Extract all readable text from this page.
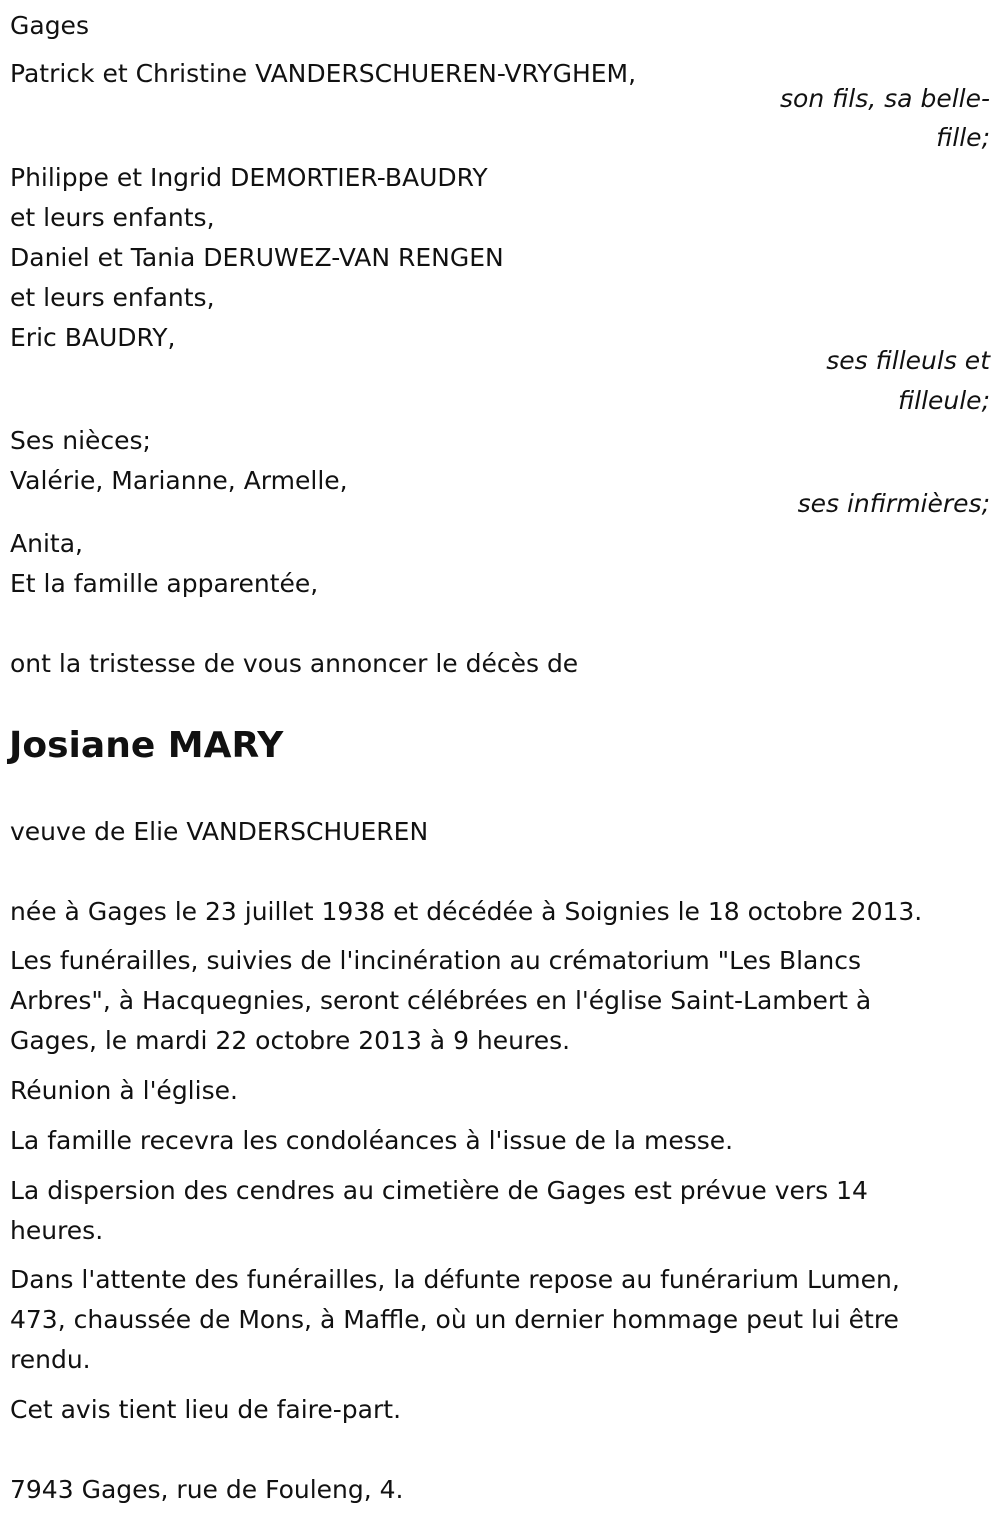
Gages
Patrick et Christine VANDERSCHUEREN-VRYGHEM,
son fils, sa belle-
fille;
Philippe et Ingrid DEMORTIER-BAUDRY
et leurs enfants,
Daniel et Tania DERUWEZ-VAN RENGEN
et leurs enfants,
Eric BAUDRY,
ses filleuls et
filleule;
Ses nièces;
Valérie, Marianne, Armelle,
ses infirmières;
Anita,
Et la famille apparentée,
ont la tristesse de vous annoncer le décès de
Josiane MARY
veuve de Elie VANDERSCHUEREN
née à Gages le 23 juillet 1938 et décédée à Soignies le 18 octobre 2013.
Les funérailles, suivies de l'incinération au crématorium "Les Blancs
Arbres", à Hacquegnies, seront célébrées en l'église Saint-Lambert à
Gages, le mardi 22 octobre 2013 à 9 heures.
Réunion à l'église.
La famille recevra les condoléances à l'issue de la messe.
La dispersion des cendres au cimetière de Gages est prévue vers 14
heures.
Dans l'attente des funérailles, la défunte repose au funérarium Lumen,
473, chaussée de Mons, à Maffle, où un dernier hommage peut lui être
rendu.
Cet avis tient lieu de faire-part.
7943 Gages, rue de Fouleng, 4.
